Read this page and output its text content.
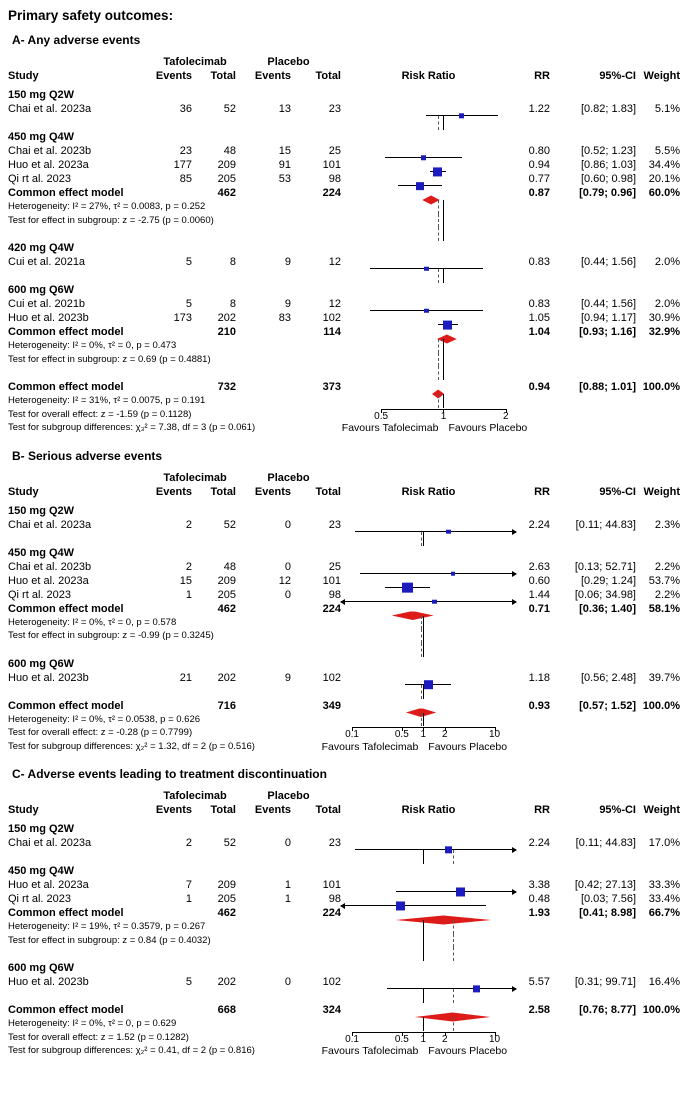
Primary safety outcomes:
A- Any adverse events
Tafolecimab	Placebo
Study	Events	Total	Events	Total	Risk Ratio	RR	95%-CI Weight
150 mg Q2W
Chai et al. 2023a	36	52	13	23	1.22	[0.82; 1.83]	5.1%
450 mg Q4W
Chai et al. 2023b	23	48	15	25	0.80	[0.52; 1.23]	5.5%
Huo et al. 2023a	177	209	91	101	0.94	[0.86; 1.03]	34.4%
Qi rt al. 2023	85	205	53	98	0.77	[0.60; 0.98]	20.1%
Common effect model	462	224	0.87	[0.79; 0.96]	60.0%
Heterogeneity: I² = 27%, τ² = 0.0083, p = 0.252
Test for effect in subgroup: z = -2.75 (p = 0.0060)
420 mg Q4W
Cui et al. 2021a	5	8	9	12	0.83	[0.44; 1.56]	2.0%
600 mg Q6W
Cui et al. 2021b	5	8	9	12	0.83	[0.44; 1.56]	2.0%
Huo et al. 2023b	173	202	83	102	1.05	[0.94; 1.17]	30.9%
Common effect model	210	114	1.04	[0.93; 1.16]	32.9%
Heterogeneity: I² = 0%, τ² = 0, p = 0.473
Test for effect in subgroup: z = 0.69 (p = 0.4881)
Common effect model	732	373	0.94	[0.88; 1.01] 100.0%
Heterogeneity: I² = 31%, τ² = 0.0075, p = 0.191
Test for overall effect: z = -1.59 (p = 0.1128)	0.5	1	2
Test for subgroup differences: χ₃² = 7.38, df = 3 (p = 0.061)	Favours Tafolecimab Favours Placebo
B- Serious adverse events
Tafolecimab	Placebo
Study	Events	Total	Events	Total	Risk Ratio	RR	95%-CI Weight
150 mg Q2W
Chai et al. 2023a	2	52	0	23	2.24	[0.11; 44.83]	2.3%
450 mg Q4W
Chai et al. 2023b	2	48	0	25	2.63	[0.13; 52.71]	2.2%
Huo et al. 2023a	15	209	12	101	0.60	[0.29; 1.24]	53.7%
Qi rt al. 2023	1	205	0	98	1.44	[0.06; 34.98]	2.2%
Common effect model	462	224	0.71	[0.36; 1.40]	58.1%
Heterogeneity: I² = 0%, τ² = 0, p = 0.578
Test for effect in subgroup: z = -0.99 (p = 0.3245)
600 mg Q6W
Huo et al. 2023b	21	202	9	102	1.18	[0.56; 2.48]	39.7%
Common effect model	716	349	0.93	[0.57; 1.52] 100.0%
Heterogeneity: I² = 0%, τ² = 0.0538, p = 0.626
Test for overall effect: z = -0.28 (p = 0.7799)	0.1	0.5 1 2	10
Test for subgroup differences: χ₂² = 1.32, df = 2 (p = 0.516)	Favours Tafolecimab Favours Placebo
C- Adverse events leading to treatment discontinuation
Tafolecimab	Placebo
Study	Events	Total	Events	Total	Risk Ratio	RR	95%-CI Weight
150 mg Q2W
Chai et al. 2023a	2	52	0	23	2.24	[0.11; 44.83]	17.0%
450 mg Q4W
Huo et al. 2023a	7	209	1	101	3.38	[0.42; 27.13]	33.3%
Qi rt al. 2023	1	205	1	98	0.48	[0.03; 7.56]	33.4%
Common effect model	462	224	1.93	[0.41; 8.98]	66.7%
Heterogeneity: I² = 19%, τ² = 0.3579, p = 0.267
Test for effect in subgroup: z = 0.84 (p = 0.4032)
600 mg Q6W
Huo et al. 2023b	5	202	0	102	5.57	[0.31; 99.71]	16.4%
Common effect model	668	324	2.58	[0.76; 8.77] 100.0%
Heterogeneity: I² = 0%, τ² = 0, p = 0.629
Test for overall effect: z = 1.52 (p = 0.1282)	0.1	0.5 1 2	10
Test for subgroup differences: χ₂² = 0.41, df = 2 (p = 0.816)	Favours Tafolecimab Favours Placebo
